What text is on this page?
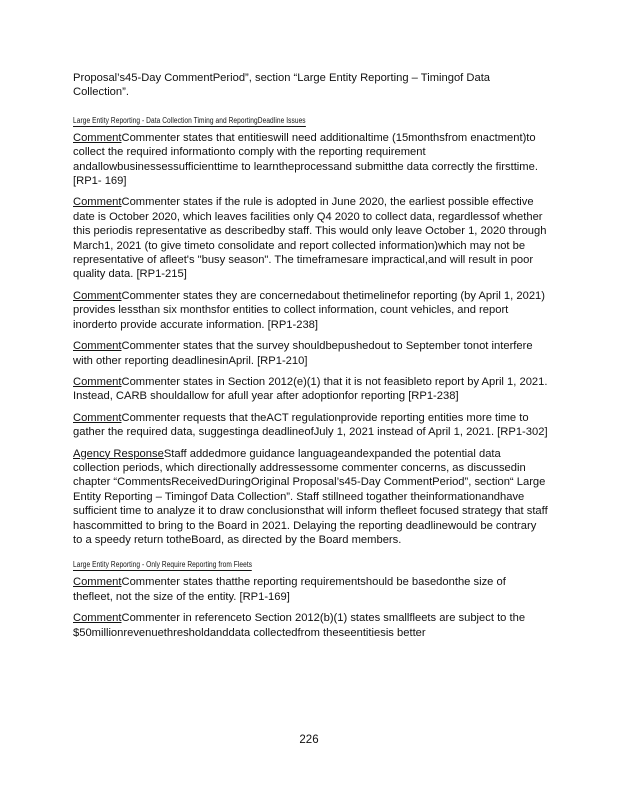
Proposal’s45-Day CommentPeriod”, section “Large Entity Reporting – Timingof Data Collection”.

Large Entity Reporting - Data Collection Timing and ReportingDeadline Issues

CommentCommenter states that entitieswill need additionaltime (15monthsfrom enactment)to collect the required informationto comply with the reporting requirement andallowbusinessessufficienttime to learntheprocessand submitthe data correctly the firsttime.[RP1- 169]

CommentCommenter states if the rule is adopted in June 2020, the earliest possible effective date is October 2020, which leaves facilities only Q4 2020 to collect data, regardlessof whether this periodis representative as describedby staff. This would only leave October 1, 2020 through March1, 2021 (to give timeto consolidate and report collected information)which may not be representative of afleet's "busy season". The timeframesare impractical,and will result in poor quality data. [RP1-215]

CommentCommenter states they are concernedabout thetimelinefor reporting (by April 1, 2021) provides lessthan six monthsfor entities to collect information, count vehicles, and report inorderto provide accurate information. [RP1-238]

CommentCommenter states that the survey shouldbepushedout to September tonot interfere with other reporting deadlinesinApril. [RP1-210]

CommentCommenter states in Section 2012(e)(1) that it is not feasibleto report by April 1, 2021. Instead, CARB shouldallow for afull year after adoptionfor reporting [RP1-238]

CommentCommenter requests that theACT regulationprovide reporting entities more time to gather the required data, suggestinga deadlineofJuly 1, 2021 instead of April 1, 2021. [RP1-302]

Agency ResponseStaff addedmore guidance languageandexpanded the potential data collection periods, which directionally addressessome commenter concerns, as discussedin chapter “CommentsReceivedDuringOriginal Proposal’s45-Day CommentPeriod”, section“ Large Entity Reporting – Timingof Data Collection”. Staff stillneed togather theinformationandhave sufficient time to analyze it to draw conclusionsthat will inform thefleet focused strategy that staff hascommitted to bring to the Board in 2021. Delaying the reporting deadlinewould be contrary to a speedy return totheBoard, as directed by the Board members.

Large Entity Reporting - Only Require Reporting from Fleets

CommentCommenter states thatthe reporting requirementshould be basedonthe size of thefleet, not the size of the entity. [RP1-169]

CommentCommenter in referenceto Section 2012(b)(1) states smallfleets are subject to the $50millionrevenuethresholdanddata collectedfrom theseentitiesis better

226
